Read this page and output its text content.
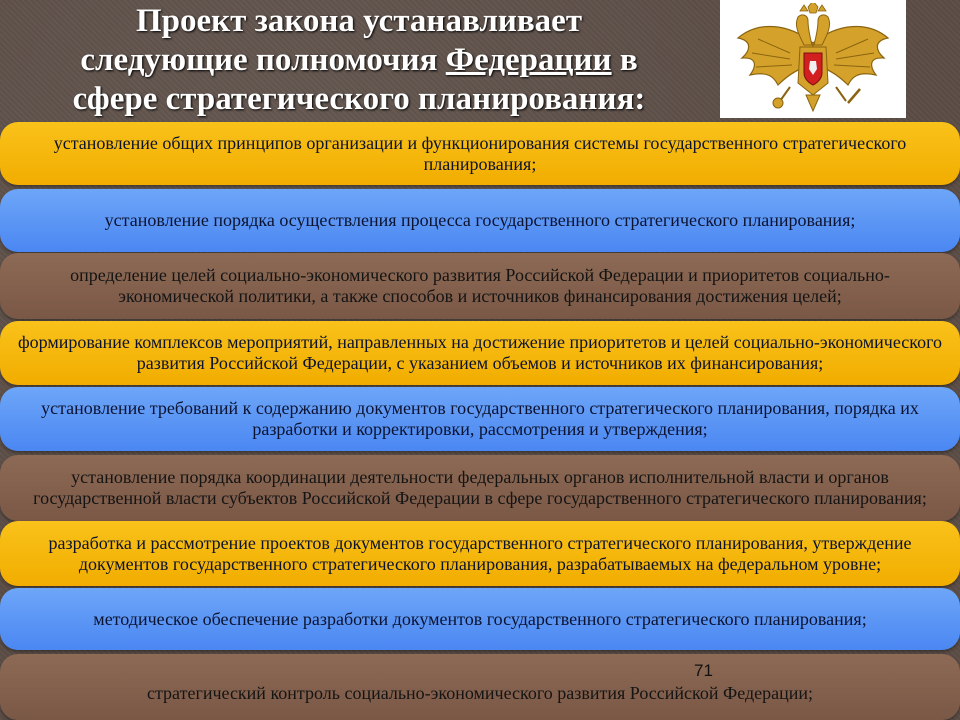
Проект закона устанавливает
следующие полномочия Федерации в
сфере стратегического планирования:
установление общих принципов организации и функционирования системы государственного стратегического планирования;
установление порядка осуществления процесса государственного стратегического планирования;
определение целей социально-экономического развития Российской Федерации и приоритетов социально-экономической политики, а также способов и источников финансирования достижения целей;
формирование комплексов мероприятий, направленных на достижение приоритетов и целей социально-экономического развития Российской Федерации, с указанием объемов и источников их финансирования;
установление требований к содержанию документов государственного стратегического планирования, порядка их разработки и корректировки, рассмотрения и утверждения;
установление порядка координации деятельности федеральных органов исполнительной власти и органов государственной власти субъектов Российской Федерации в сфере государственного стратегического планирования;
разработка и рассмотрение проектов документов государственного стратегического планирования, утверждение документов государственного стратегического планирования, разрабатываемых на федеральном уровне;
методическое обеспечение разработки документов государственного стратегического планирования;
стратегический контроль социально-экономического развития Российской Федерации;
71
